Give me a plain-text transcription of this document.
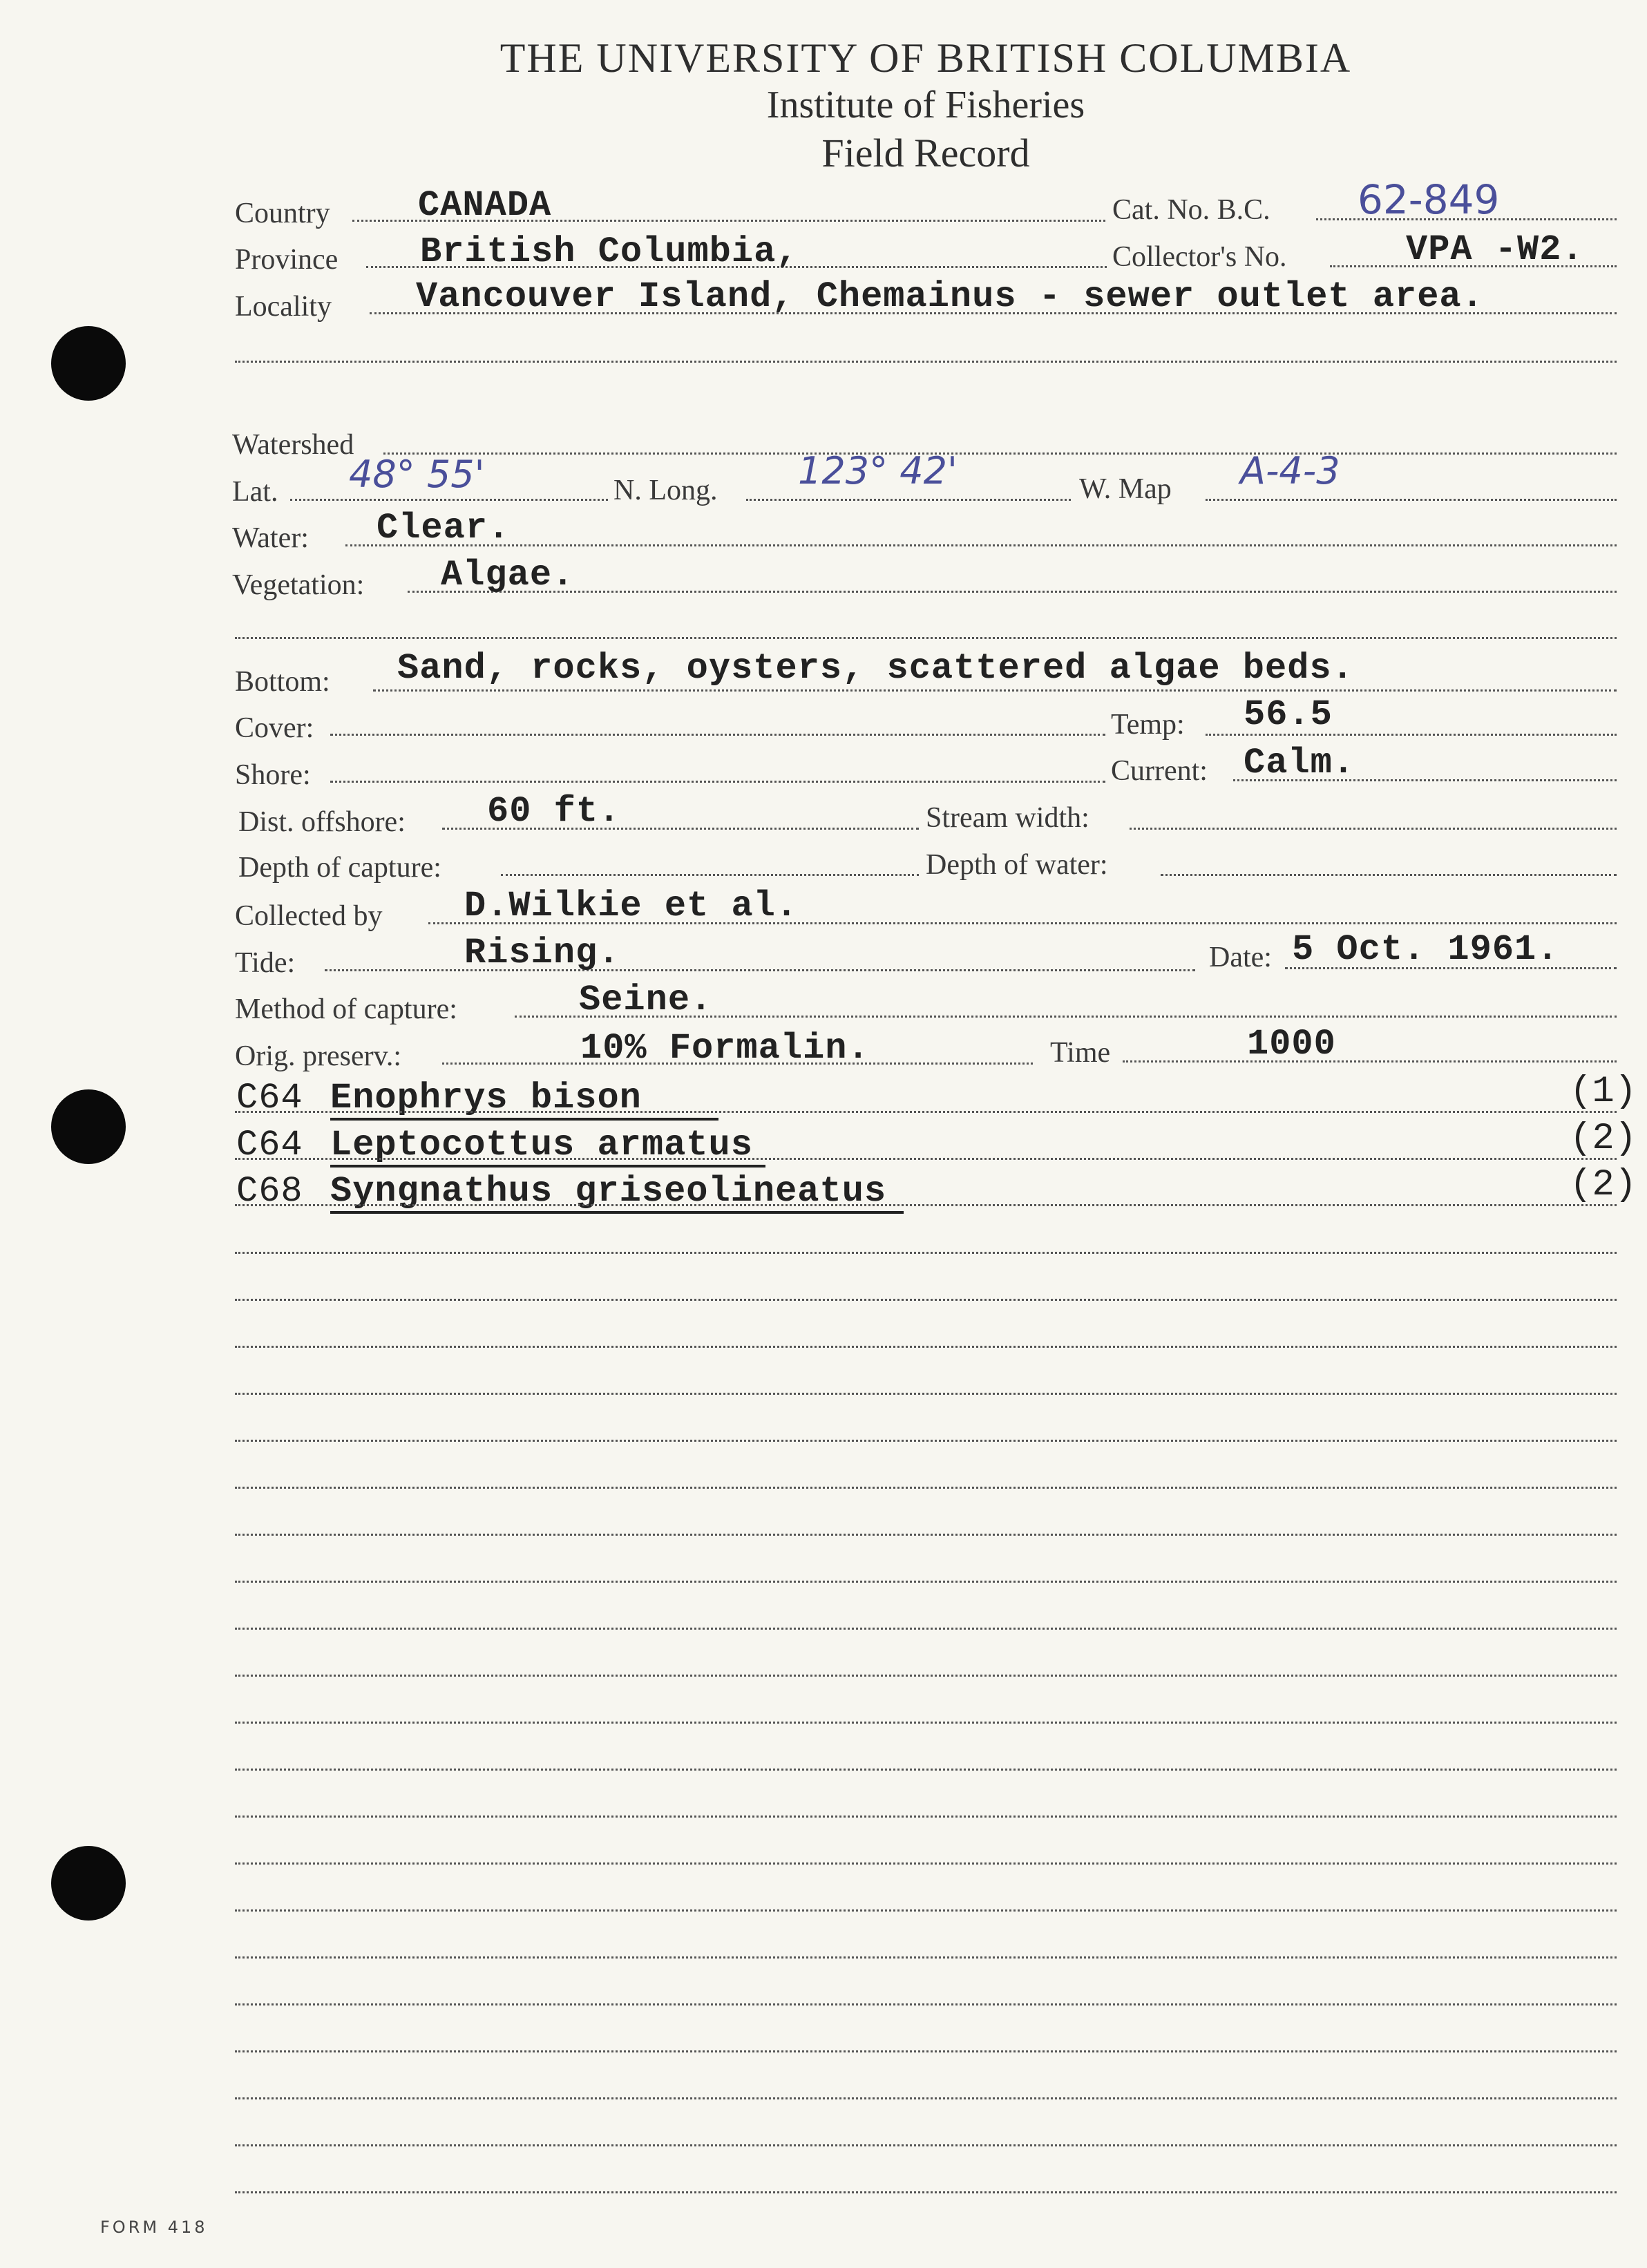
THE UNIVERSITY OF BRITISH COLUMBIA
Institute of Fisheries
Field Record
Country CANADA	Cat. No. B.C. 62-849
Province British Columbia,	Collector's No.	VPA -W2.
Locality Vancouver Island, Chemainus - sewer outlet area.
Watershed
Lat. 48° 55'	N. Long. 123° 42'	W. Map A-4-3
Water: Clear.
Vegetation: Algae.
Bottom: Sand, rocks, oysters, scattered algae beds.
Cover:	Temp: 56.5
Shore:	Current: Calm.
Dist. offshore: 60 ft.	Stream width:
Depth of capture:	Depth of water:
Collected by D.Wilkie et al.
Tide:	Rising.	Date: 5 Oct. 1961.
Method of capture:	Seine.
Orig. preserv.:	10% Formalin.	Time	1000
C64 Enophrys bison	(1)
C64 Leptocottus armatus	(2)
C68 Syngnathus griseolineatus	(2)
FORM 418
